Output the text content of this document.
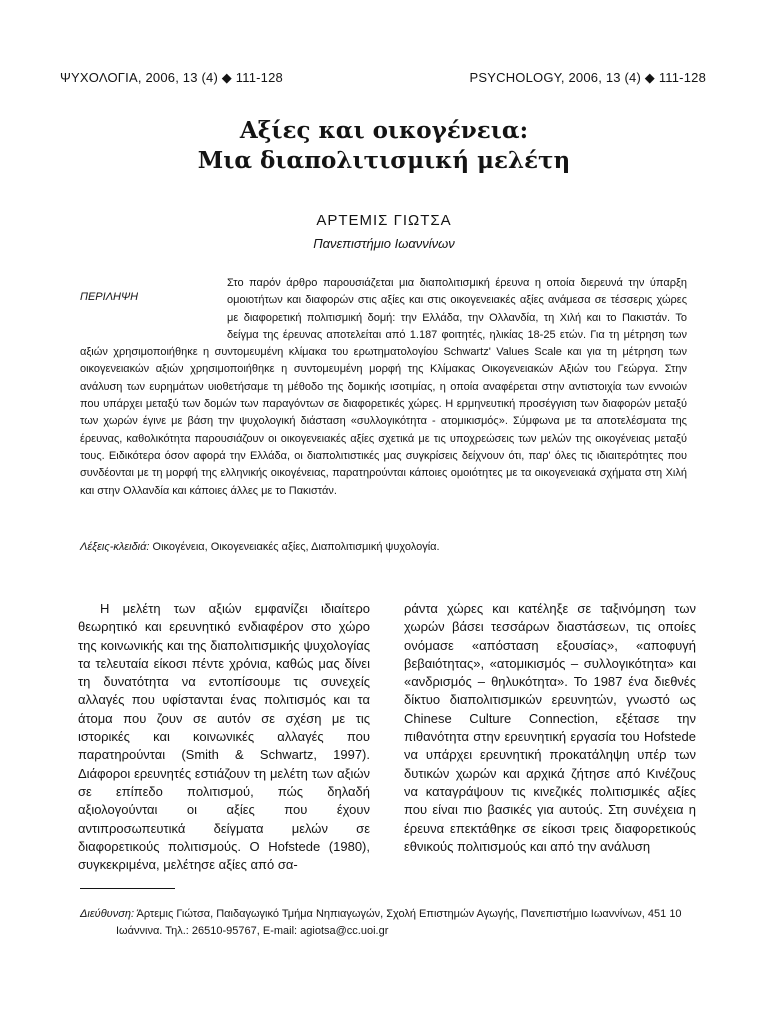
ΨΥΧΟΛΟΓΙΑ, 2006, 13 (4) ◆ 111-128	PSYCHOLOGY, 2006, 13 (4) ◆ 111-128
Αξίες και οικογένεια:
Μια διαπολιτισμική μελέτη
ΑΡΤΕΜΙΣ ΓΙΩΤΣΑ
Πανεπιστήμιο Ιωαννίνων
ΠΕΡΙΛΗΨΗ

Στο παρόν άρθρο παρουσιάζεται μια διαπολιτισμική έρευνα η οποία διερευνά την ύπαρξη ομοιοτήτων και διαφορών στις αξίες και στις οικογενειακές αξίες ανάμεσα σε τέσσερις χώρες με διαφορετική πολιτισμική δομή: την Ελλάδα, την Ολλανδία, τη Χιλή και το Πακιστάν. Το δείγμα της έρευνας αποτελείται από 1.187 φοιτητές, ηλικίας 18-25 ετών. Για τη μέτρηση των αξιών χρησιμοποιήθηκε η συντομευμένη κλίμακα του ερωτηματολογίου Schwartz' Values Scale και για τη μέτρηση των οικογενειακών αξιών χρησιμοποιήθηκε η συντομευμένη μορφή της Κλίμακας Οικογενειακών Αξιών του Γεώργα. Στην ανάλυση των ευρημάτων υιοθετήσαμε τη μέθοδο της δομικής ισοτιμίας, η οποία αναφέρεται στην αντιστοιχία των εννοιών που υπάρχει μεταξύ των δομών των παραγόντων σε διαφορετικές χώρες. Η ερμηνευτική προσέγγιση των διαφορών μεταξύ των χωρών έγινε με βάση την ψυχολογική διάσταση «συλλογικότητα - ατομικισμός». Σύμφωνα με τα αποτελέσματα της έρευνας, καθολικότητα παρουσιάζουν οι οικογενειακές αξίες σχετικά με τις υποχρεώσεις των μελών της οικογένειας μεταξύ τους. Ειδικότερα όσον αφορά την Ελλάδα, οι διαπολιτιστικές μας συγκρίσεις δείχνουν ότι, παρ' όλες τις ιδιαιτερότητες που συνδέονται με τη μορφή της ελληνικής οικογένειας, παρατηρούνται κάποιες ομοιότητες με τα οικογενειακά σχήματα στη Χιλή και στην Ολλανδία και κάποιες άλλες με το Πακιστάν.

Λέξεις-κλειδιά: Οικογένεια, Οικογενειακές αξίες, Διαπολιτισμική ψυχολογία.

Η μελέτη των αξιών εμφανίζει ιδιαίτερο θεωρητικό και ερευνητικό ενδιαφέρον στο χώρο της κοινωνικής και της διαπολιτισμικής ψυχολογίας τα τελευταία είκοσι πέντε χρόνια, καθώς μας δίνει τη δυνατότητα να εντοπίσουμε τις συνεχείς αλλαγές που υφίστανται ένας πολιτισμός και τα άτομα που ζουν σε αυτόν σε σχέση με τις ιστορικές και κοινωνικές αλλαγές που παρατηρούνται (Smith & Schwartz, 1997). Διάφοροι ερευνητές εστιάζουν τη μελέτη των αξιών σε επίπεδο πολιτισμού, πώς δηλαδή αξιολογούνται οι αξίες που έχουν αντιπροσωπευτικά δείγματα μελών σε διαφορετικούς πολιτισμούς. Ο Hofstede (1980), συγκεκριμένα, μελέτησε αξίες από σα-

ράντα χώρες και κατέληξε σε ταξινόμηση των χωρών βάσει τεσσάρων διαστάσεων, τις οποίες ονόμασε «απόσταση εξουσίας», «αποφυγή βεβαιότητας», «ατομικισμός – συλλογικότητα» και «ανδρισμός – θηλυκότητα». Το 1987 ένα διεθνές δίκτυο διαπολιτισμικών ερευνητών, γνωστό ως Chinese Culture Connection, εξέτασε την πιθανότητα στην ερευνητική εργασία του Hofstede να υπάρχει ερευνητική προκατάληψη υπέρ των δυτικών χωρών και αρχικά ζήτησε από Κινέζους να καταγράψουν τις κινεζικές πολιτισμικές αξίες που είναι πιο βασικές για αυτούς. Στη συνέχεια η έρευνα επεκτάθηκε σε είκοσι τρεις διαφορετικούς εθνικούς πολιτισμούς και από την ανάλυση

Διεύθυνση: Άρτεμις Γιώτσα, Παιδαγωγικό Τμήμα Νηπιαγωγών, Σχολή Επιστημών Αγωγής, Πανεπιστήμιο Ιωαννίνων, 451 10 Ιωάννινα. Τηλ.: 26510-95767, E-mail: agiotsa@cc.uoi.gr
